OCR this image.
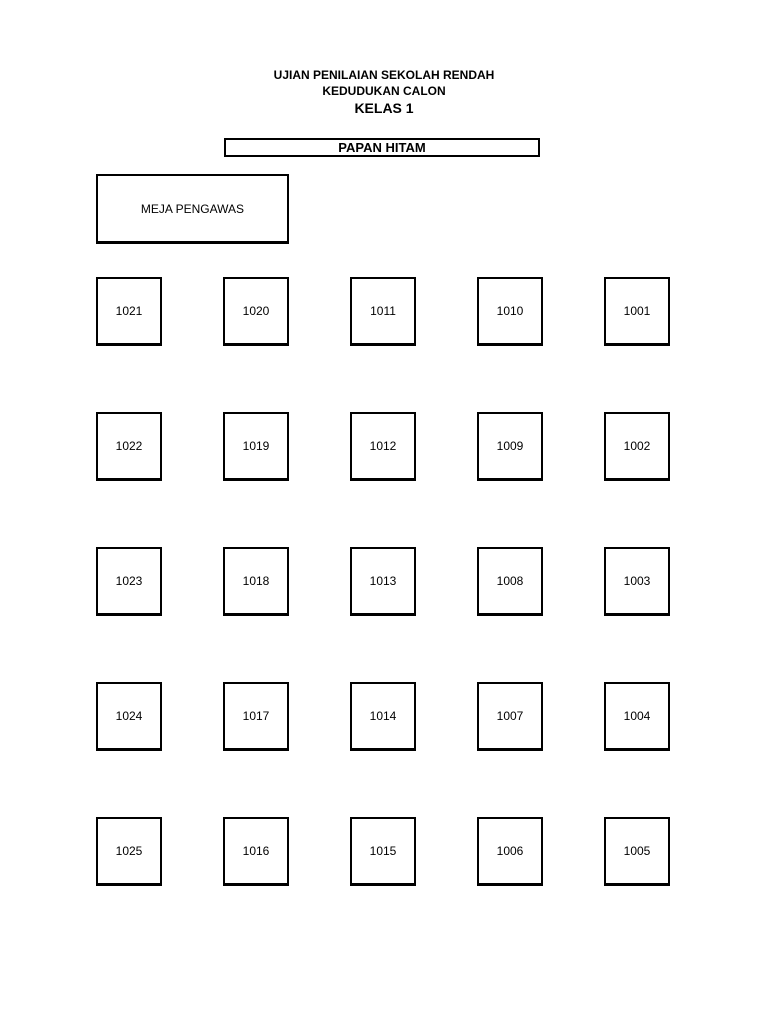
UJIAN PENILAIAN SEKOLAH RENDAH
KEDUDUKAN CALON
KELAS 1
PAPAN HITAM
MEJA PENGAWAS
1021	1020	1011	1010	1001
1022	1019	1012	1009	1002
1023	1018	1013	1008	1003
1024	1017	1014	1007	1004
1025	1016	1015	1006	1005
